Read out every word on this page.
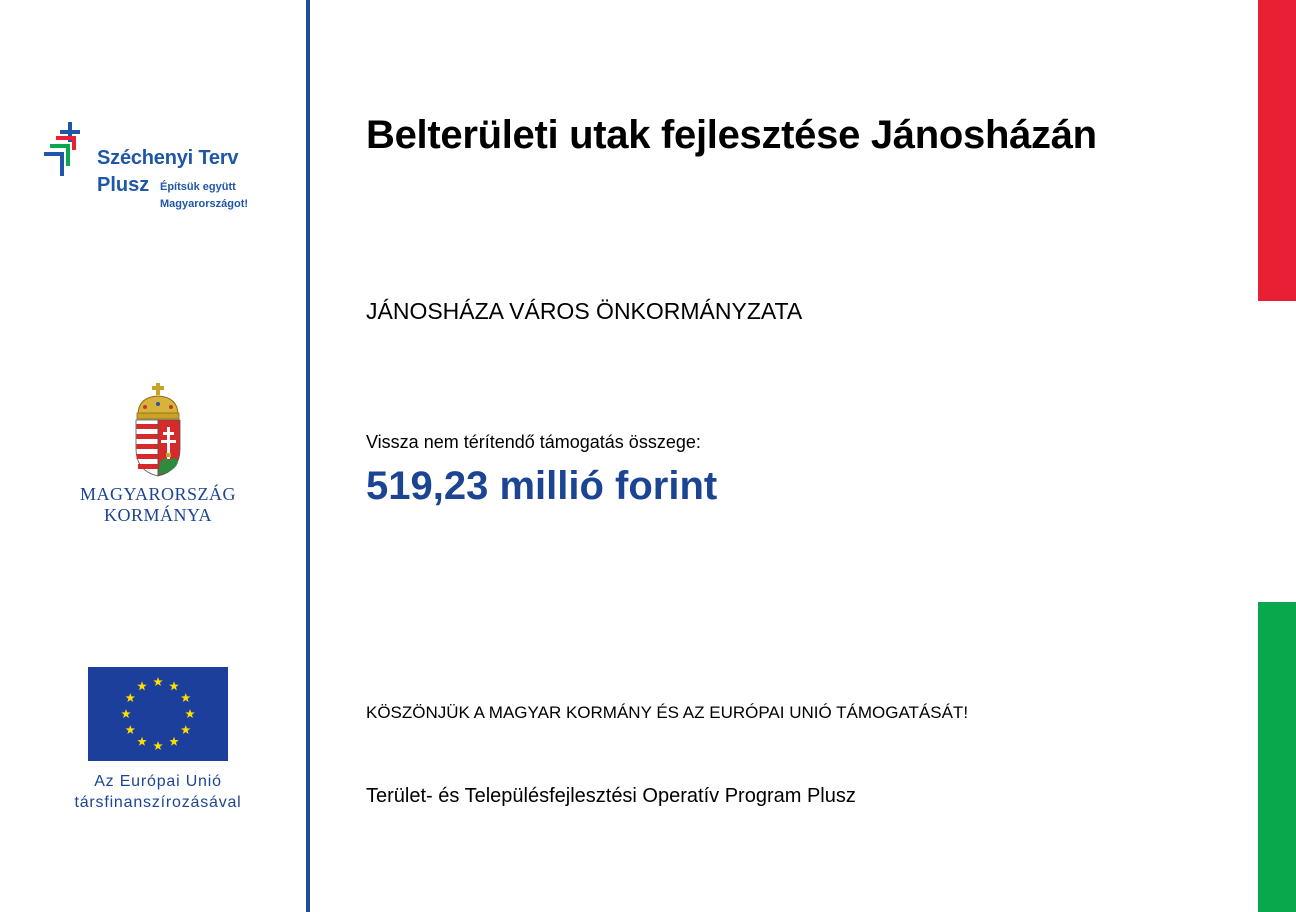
Széchenyi Terv
Plusz Építsük együtt
Magyarországot!
MAGYARORSZÁG
KORMÁNYA
Az Európai Unió
társfinanszírozásával
Belterületi utak fejlesztése Jánosházán
JÁNOSHÁZA VÁROS ÖNKORMÁNYZATA
Vissza nem térítendő támogatás összege:
519,23 millió forint
KÖSZÖNJÜK A MAGYAR KORMÁNY ÉS AZ EURÓPAI UNIÓ TÁMOGATÁSÁT!
Terület- és Településfejlesztési Operatív Program Plusz
